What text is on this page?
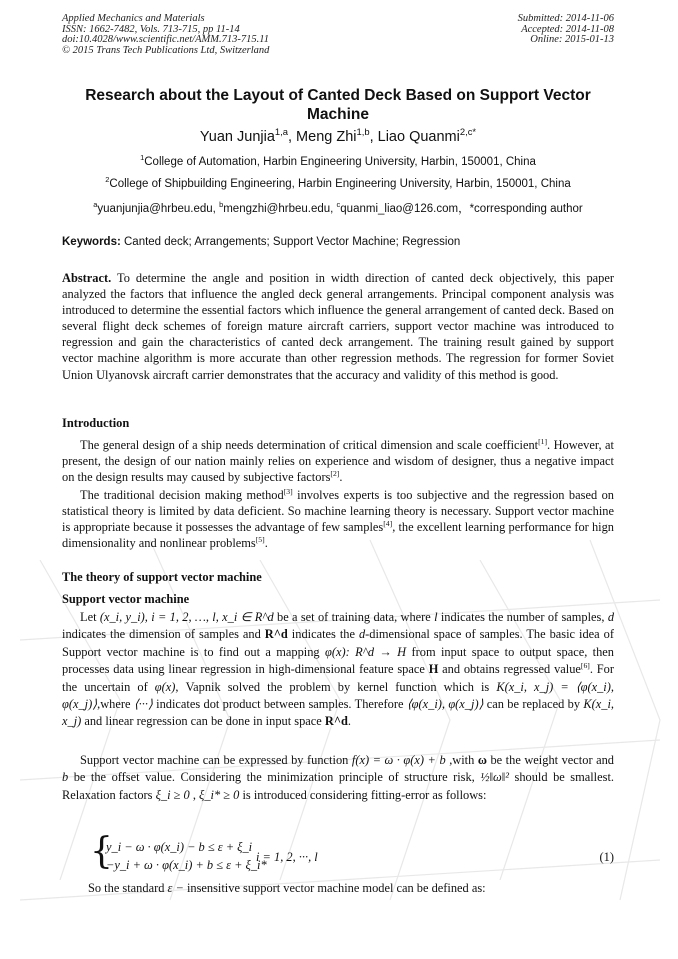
Applied Mechanics and Materials
ISSN: 1662-7482, Vols. 713-715, pp 11-14
doi:10.4028/www.scientific.net/AMM.713-715.11
© 2015 Trans Tech Publications Ltd, Switzerland
Submitted: 2014-11-06
Accepted: 2014-11-08
Online: 2015-01-13
Research about the Layout of Canted Deck Based on Support Vector Machine
Yuan Junjia$^{1,a}$, Meng Zhi$^{1,b}$, Liao Quanmi$^{2,c*}$
$^1$College of Automation, Harbin Engineering University, Harbin, 150001, China
$^2$College of Shipbuilding Engineering, Harbin Engineering University, Harbin, 150001, China
$^a$yuanjunjia@hrbeu.edu, $^b$mengzhi@hrbeu.edu, $^c$quanmi_liao@126.com，*corresponding author
Keywords: Canted deck; Arrangements; Support Vector Machine; Regression
Abstract. To determine the angle and position in width direction of canted deck objectively, this paper analyzed the factors that influence the angled deck general arrangements. Principal component analysis was introduced to determine the essential factors which influence the general arrangement of canted deck. Based on several flight deck schemes of foreign mature aircraft carriers, support vector machine was introduced to regression and gain the characteristics of canted deck arrangement. The training result gained by support vector machine algorithm is more accurate than other regression methods. The regression for former Soviet Union Ulyanovsk aircraft carrier demonstrates that the accuracy and validity of this method is good.
Introduction
The general design of a ship needs determination of critical dimension and scale coefficient[1]. However, at present, the design of our nation mainly relies on experience and wisdom of designer, thus a negative impact on the design results may caused by subjective factors[2].
The traditional decision making method[3] involves experts is too subjective and the regression based on statistical theory is limited by data deficient. So machine learning theory is necessary. Support vector machine is appropriate because it possesses the advantage of few samples[4], the excellent learning performance for hign dimensionality and nonlinear problems[5].
The theory of support vector machine
Support vector machine
Let (x_i, y_i), i = 1, 2, …, l, x_i ∈ R^d be a set of training data, where l indicates the number of samples, d indicates the dimension of samples and R^d indicates the d-dimensional space of samples. The basic idea of Support vector machine is to find out a mapping φ(x): R^d → H from input space to output space, then processes data using linear regression in high-dimensional feature space H and obtains regressed value[6]. For the uncertain of φ(x), Vapnik solved the problem by kernel function which is K(x_i, x_j) = ⟨φ(x_i), φ(x_j)⟩,where ⟨···⟩ indicates dot product between samples. Therefore ⟨φ(x_i), φ(x_j)⟩ can be replaced by K(x_i, x_j) and linear regression can be done in input space R^d.
Support vector machine can be expressed by function f(x) = ω · φ(x) + b ,with ω be the weight vector and b be the offset value. Considering the minimization principle of structure risk, ½‖ω‖² should be smallest. Relaxation factors ξ_i ≥ 0 , ξ_i* ≥ 0 is introduced considering fitting-error as follows:
{
y_i − ω · φ(x_i) − b ≤ ε + ξ_i
−y_i + ω · φ(x_i) + b ≤ ε + ξ_i*
i = 1, 2, ···, l	(1)
So the standard ε − insensitive support vector machine model can be defined as:
